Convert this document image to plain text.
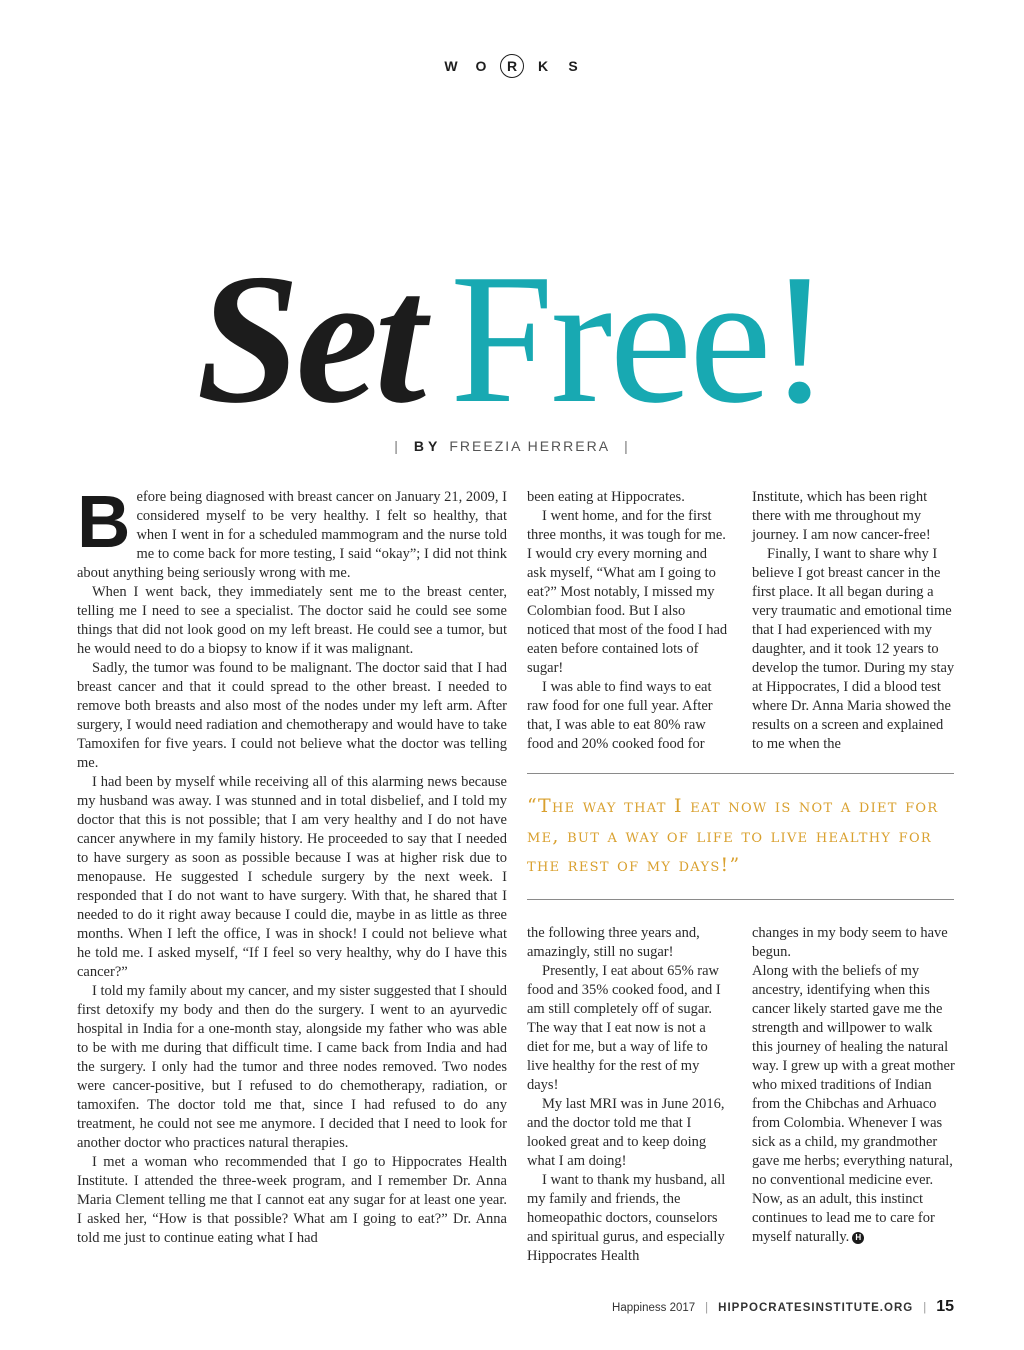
W O R K S
Set Free!
| BY FREEZIA HERRERA |
B efore being diagnosed with breast cancer on January 21, 2009, I considered myself to be very healthy. I felt so healthy, that when I went in for a scheduled mammogram and the nurse told me to come back for more testing, I said “okay”; I did not think about anything being seriously wrong with me.

When I went back, they immediately sent me to the breast center, telling me I need to see a specialist. The doctor said he could see some things that did not look good on my left breast. He could see a tumor, but he would need to do a biopsy to know if it was malignant.

Sadly, the tumor was found to be malignant. The doctor said that I had breast cancer and that it could spread to the other breast. I needed to remove both breasts and also most of the nodes under my left arm. After surgery, I would need radiation and chemotherapy and would have to take Tamoxifen for five years. I could not believe what the doctor was telling me.

I had been by myself while receiving all of this alarming news because my husband was away. I was stunned and in total disbelief, and I told my doctor that this is not possible; that I am very healthy and I do not have cancer anywhere in my family history. He proceeded to say that I needed to have surgery as soon as possible because I was at higher risk due to menopause. He suggested I schedule surgery by the next week. I responded that I do not want to have surgery. With that, he shared that I needed to do it right away because I could die, maybe in as little as three months. When I left the office, I was in shock! I could not believe what he told me. I asked myself, “If I feel so very healthy, why do I have this cancer?”

I told my family about my cancer, and my sister suggested that I should first detoxify my body and then do the surgery. I went to an ayurvedic hospital in India for a one-month stay, alongside my father who was able to be with me during that difficult time. I came back from India and had the surgery. I only had the tumor and three nodes removed. Two nodes were cancer-positive, but I refused to do chemotherapy, radiation, or tamoxifen. The doctor told me that, since I had refused to do any treatment, he could not see me anymore. I decided that I need to look for another doctor who practices natural therapies.

I met a woman who recommended that I go to Hippocrates Health Institute. I attended the three-week program, and I remember Dr. Anna Maria Clement telling me that I cannot eat any sugar for at least one year. I asked her, “How is that possible? What am I going to eat?” Dr. Anna told me just to continue eating what I had

been eating at Hippocrates.

I went home, and for the first three months, it was tough for me. I would cry every morning and ask myself, “What am I going to eat?” Most notably, I missed my Colombian food. But I also noticed that most of the food I had eaten before contained lots of sugar!

I was able to find ways to eat raw food for one full year. After that, I was able to eat 80% raw food and 20% cooked food for

Institute, which has been right there with me throughout my journey. I am now cancer-free!

Finally, I want to share why I believe I got breast cancer in the first place. It all began during a very traumatic and emotional time that I had experienced with my daughter, and it took 12 years to develop the tumor. During my stay at Hippocrates, I did a blood test where Dr. Anna Maria showed the results on a screen and explained to me when the

“The way that I eat now is not a diet for me, but a way of life to live healthy for the rest of my days!”

the following three years and, amazingly, still no sugar!

Presently, I eat about 65% raw food and 35% cooked food, and I am still completely off of sugar. The way that I eat now is not a diet for me, but a way of life to live healthy for the rest of my days!

My last MRI was in June 2016, and the doctor told me that I looked great and to keep doing what I am doing!

I want to thank my husband, all my family and friends, the homeopathic doctors, counselors and spiritual gurus, and especially Hippocrates Health

changes in my body seem to have begun.

Along with the beliefs of my ancestry, identifying when this cancer likely started gave me the strength and willpower to walk this journey of healing the natural way. I grew up with a great mother who mixed traditions of Indian from the Chibchas and Arhuaco from Colombia. Whenever I was sick as a child, my grandmother gave me herbs; everything natural, no conventional medicine ever. Now, as an adult, this instinct continues to lead me to care for myself naturally. H

Happiness 2017 | HIPPOCRATESINSTITUTE.ORG | 15
